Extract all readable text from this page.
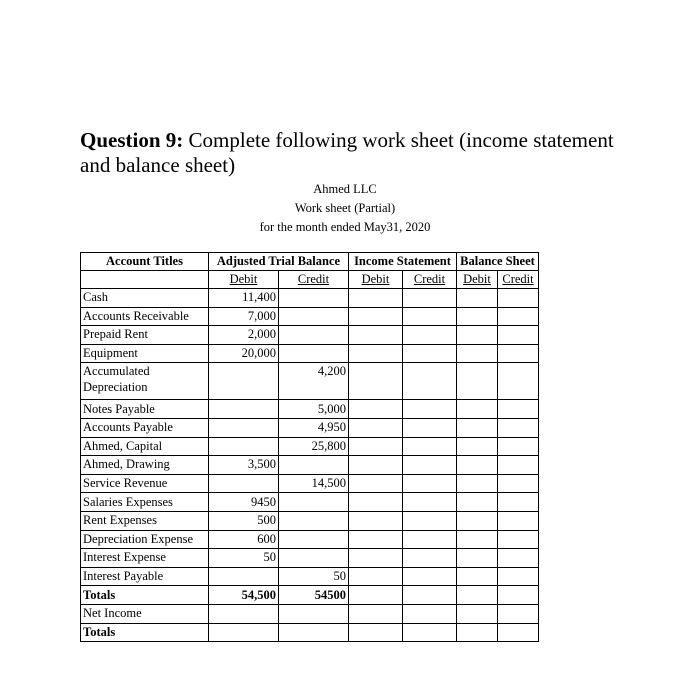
Question 9: Complete following work sheet (income statement and balance sheet)
Ahmed LLC
Work sheet (Partial)
for the month ended May31, 2020
Account Titles	Adjusted Trial Balance		Income Statement		Balance Sheet	
	Debit	Credit	Debit	Credit	Debit	Credit
Cash	11,400					
Accounts Receivable	7,000					
Prepaid Rent	2,000					
Equipment	20,000					
Accumulated Depreciation		4,200				
Notes Payable		5,000				
Accounts Payable		4,950				
Ahmed, Capital		25,800				
Ahmed, Drawing	3,500					
Service Revenue		14,500				
Salaries Expenses	9450					
Rent Expenses	500					
Depreciation Expense	600					
Interest Expense	50					
Interest Payable		50				
Totals	54,500	54500				
Net Income						
Totals						
